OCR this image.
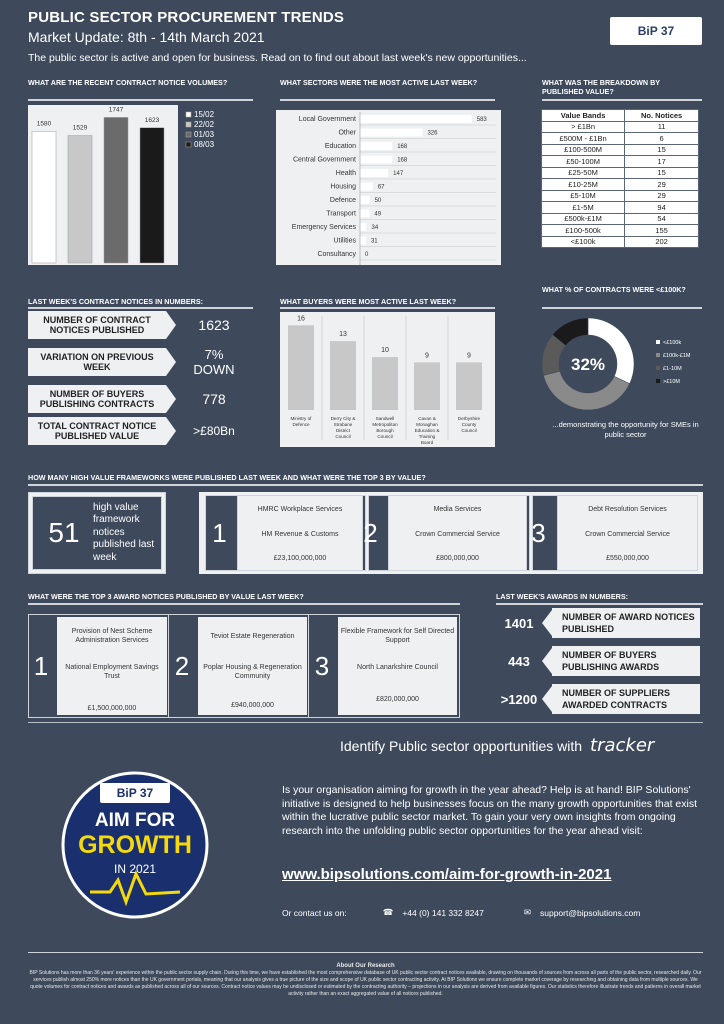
PUBLIC SECTOR PROCUREMENT TRENDS
Market Update: 8th - 14th March 2021
The public sector is active and open for business. Read on to find out about last week's new opportunities...
BiP 37
WHAT ARE THE RECENT CONTRACT NOTICE VOLUMES?
1580
1529
1747
1623
15/02
22/02
01/03
08/03
WHAT SECTORS WERE THE MOST ACTIVE LAST WEEK?
Local Government	583
Other	326
Education	168
Central Government	168
Health	147
Housing	67
Defence	50
Transport	49
Emergency Services	34
Utilities 31
Consultancy 0
WHAT WAS THE BREAKDOWN BY PUBLISHED VALUE?
Value Bands	No. Notices
> £1Bn	11
£500M - £1Bn	6
£100-500M	15
£50-100M	17
£25-50M	15
£10-25M	29
£5-10M	29
£1-5M	94
£500k-£1M	54
£100-500k	155
<£100k	202
LAST WEEK'S CONTRACT NOTICES IN NUMBERS:
NUMBER OF CONTRACT NOTICES PUBLISHED	1623
VARIATION ON PREVIOUS WEEK
7% DOWN
NUMBER OF BUYERS PUBLISHING CONTRACTS	778
TOTAL CONTRACT NOTICE PUBLISHED VALUE	>£80Bn
WHAT BUYERS WERE MOST ACTIVE LAST WEEK?
16
Ministry of
Defence
13
Derry City &
Strabane
District
Council
10
Sandwell
Metropolitan
Borough
Council
9
Cavan &
Monaghan
Education &
Training
Board
9
Derbyshire
County
Council
WHAT % OF CONTRACTS WERE <£100K?
32%
<£100k
£100k-£1M
£1-10M
>£10M
...demonstrating the opportunity for SMEs in public sector
HOW MANY HIGH VALUE FRAMEWORKS WERE PUBLISHED LAST WEEK AND WHAT WERE THE TOP 3 BY VALUE?
51
high value framework notices published last week
1
HMRC Workplace Services
HM Revenue & Customs
£23,100,000,000
2
Media Services
Crown Commercial Service
£800,000,000
3
Debt Resolution Services
Crown Commercial Service
£550,000,000
WHAT WERE THE TOP 3 AWARD NOTICES PUBLISHED BY VALUE LAST WEEK?
1
Provision of Nest Scheme Administration Services
National Employment Savings Trust
£1,500,000,000
2
Teviot Estate Regeneration
Poplar Housing & Regeneration Community
£940,000,000
3
Flexible Framework for Self Directed Support
North Lanarkshire Council
£820,000,000
LAST WEEK'S AWARDS IN NUMBERS:
1401	NUMBER OF AWARD NOTICES PUBLISHED
443	NUMBER OF BUYERS PUBLISHING AWARDS
>1200	NUMBER OF SUPPLIERS AWARDED CONTRACTS
Identify Public sector opportunities with tracker
BiP 37
AIM FOR
GROWTH
IN 2021
Is your organisation aiming for growth in the year ahead? Help is at hand! BIP Solutions' initiative is designed to help businesses focus on the many growth opportunities that exist within the lucrative public sector market. To gain your very own insights from ongoing research into the unfolding public sector opportunities for the year ahead visit:
www.bipsolutions.com/aim-for-growth-in-2021
Or contact us on:	☎ +44 (0) 141 332 8247	✉ support@bipsolutions.com
About Our Research
BIP Solutions has more than 36 years' experience within the public sector supply chain. During this time, we have established the most comprehensive database of UK public sector contract notices available, drawing on thousands of sources from across all parts of the public sector, researched daily. Our services publish almost 250% more notices than the UK government portals, meaning that our analysis gives a true picture of the size and scope of UK public sector contracting activity. At BIP Solutions we ensure complete market coverage by researching and obtaining data from multiple sources. We quote volumes for contract notices and awards as published across all of our sources. Contract notice values may be undisclosed or estimated by the contracting authority – projections in our analysis are derived from available figures. Our statistics therefore illustrate trends and patterns in overall market activity rather than an exact aggregated value of all notices published.
